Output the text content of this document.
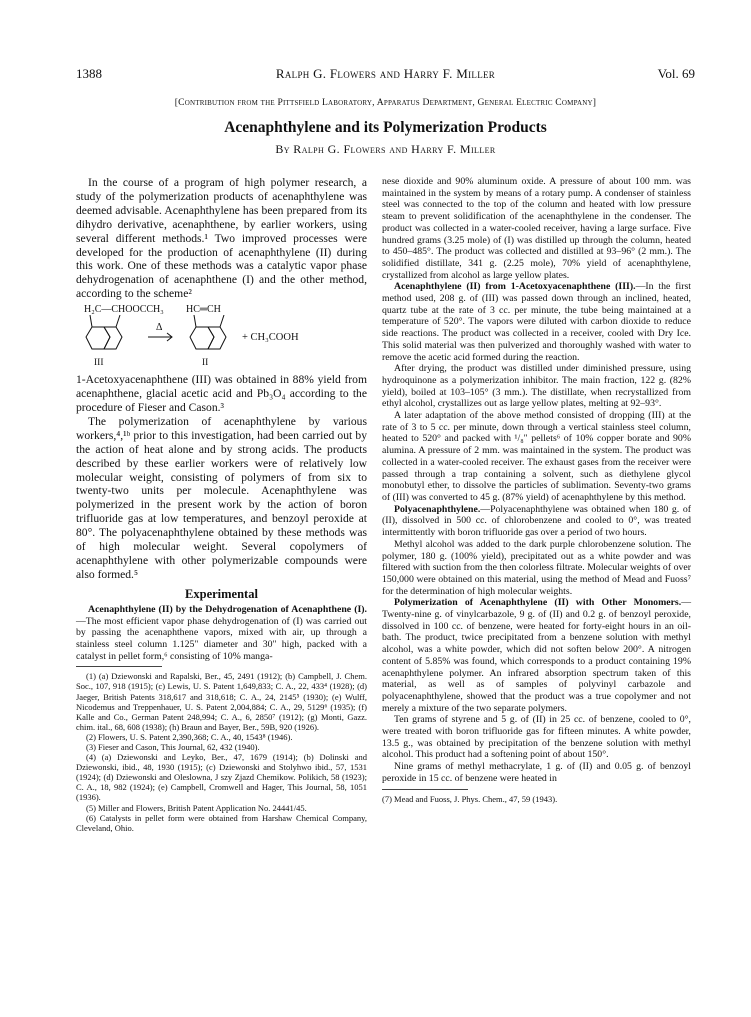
1388	Ralph G. Flowers and Harry F. Miller	Vol. 69
[Contribution from the Pittsfield Laboratory, Apparatus Department, General Electric Company]
Acenaphthylene and its Polymerization Products
By Ralph G. Flowers and Harry F. Miller

In the course of a program of high polymer research, a study of the polymerization products of acenaphthylene was deemed advisable. Acenaphthylene has been prepared from its dihydro derivative, acenaphthene, by earlier workers, using several different methods.¹ Two improved processes were developed for the production of acenaphthylene (II) during this work. One of these methods was a catalytic vapor phase dehydrogenation of acenaphthene (I) and the other method, according to the scheme²

H₂C—CHOOCCH₃ HC═CH
Δ
+ CH₃COOH
III	II

1-Acetoxyacenaphthene (III) was obtained in 88% yield from acenaphthene, glacial acetic acid and Pb₃O₄ according to the procedure of Fieser and Cason.³

The polymerization of acenaphthylene by various workers,⁴,¹ᵇ prior to this investigation, had been carried out by the action of heat alone and by strong acids. The products described by these earlier workers were of relatively low molecular weight, consisting of polymers of from six to twenty-two units per molecule. Acenaphthylene was polymerized in the present work by the action of boron trifluoride gas at low temperatures, and benzoyl peroxide at 80°. The polyacenaphthylene obtained by these methods was of high molecular weight. Several copolymers of acenaphthylene with other polymerizable compounds were also formed.⁵

Experimental

Acenaphthylene (II) by the Dehydrogenation of Acenaphthene (I).—The most efficient vapor phase dehydrogenation of (I) was carried out by passing the acenaphthene vapors, mixed with air, up through a stainless steel column 1.125" diameter and 30" high, packed with a catalyst in pellet form,⁶ consisting of 10% manga-

(1) (a) Dziewonski and Rapalski, Ber., 45, 2491 (1912); (b) Campbell, J. Chem. Soc., 107, 918 (1915); (c) Lewis, U. S. Patent 1,649,833; C. A., 22, 433⁴ (1928); (d) Jaeger, British Patents 318,617 and 318,618; C. A., 24, 2145⁵ (1930); (e) Wulff, Nicodemus and Treppenhauer, U. S. Patent 2,004,884; C. A., 29, 5129⁶ (1935); (f) Kalle and Co., German Patent 248,994; C. A., 6, 2850⁷ (1912); (g) Monti, Gazz. chim. ital., 68, 608 (1938); (h) Braun and Bayer, Ber., 59B, 920 (1926).

(2) Flowers, U. S. Patent 2,390,368; C. A., 40, 1543⁸ (1946).

(3) Fieser and Cason, This Journal, 62, 432 (1940).

(4) (a) Dziewonski and Leyko, Ber., 47, 1679 (1914); (b) Dolinski and Dziewonski, ibid., 48, 1930 (1915); (c) Dziewonski and Stolyhwo ibid., 57, 1531 (1924); (d) Dziewonski and Oleslowna, J szy Zjazd Chemikow. Polikich, 58 (1923); C. A., 18, 982 (1924); (e) Campbell, Cromwell and Hager, This Journal, 58, 1051 (1936).

(5) Miller and Flowers, British Patent Application No. 24441/45.

(6) Catalysts in pellet form were obtained from Harshaw Chemical Company, Cleveland, Ohio.

nese dioxide and 90% aluminum oxide. A pressure of about 100 mm. was maintained in the system by means of a rotary pump. A condenser of stainless steel was connected to the top of the column and heated with low pressure steam to prevent solidification of the acenaphthylene in the condenser. The product was collected in a water-cooled receiver, having a large surface. Five hundred grams (3.25 mole) of (I) was distilled up through the column, heated to 450–485°. The product was collected and distilled at 93–96° (2 mm.). The solidified distillate, 341 g. (2.25 mole), 70% yield of acenaphthylene, crystallized from alcohol as large yellow plates.

Acenaphthylene (II) from 1-Acetoxyacenaphthene (III).—In the first method used, 208 g. of (III) was passed down through an inclined, heated, quartz tube at the rate of 3 cc. per minute, the tube being maintained at a temperature of 520°. The vapors were diluted with carbon dioxide to reduce side reactions. The product was collected in a receiver, cooled with Dry Ice. This solid material was then pulverized and thoroughly washed with water to remove the acetic acid formed during the reaction.

After drying, the product was distilled under diminished pressure, using hydroquinone as a polymerization inhibitor. The main fraction, 122 g. (82% yield), boiled at 103–105° (3 mm.). The distillate, when recrystallized from ethyl alcohol, crystallizes out as large yellow plates, melting at 92–93°.

A later adaptation of the above method consisted of dropping (III) at the rate of 3 to 5 cc. per minute, down through a vertical stainless steel column, heated to 520° and packed with ¹/₈" pellets⁶ of 10% copper borate and 90% alumina. A pressure of 2 mm. was maintained in the system. The product was collected in a water-cooled receiver. The exhaust gases from the receiver were passed through a trap containing a solvent, such as diethylene glycol monobutyl ether, to dissolve the particles of sublimation. Seventy-two grams of (III) was converted to 45 g. (87% yield) of acenaphthylene by this method.

Polyacenaphthylene.—Polyacenaphthylene was obtained when 180 g. of (II), dissolved in 500 cc. of chlorobenzene and cooled to 0°, was treated intermittently with boron trifluoride gas over a period of two hours.

Methyl alcohol was added to the dark purple chlorobenzene solution. The polymer, 180 g. (100% yield), precipitated out as a white powder and was filtered with suction from the then colorless filtrate. Molecular weights of over 150,000 were obtained on this material, using the method of Mead and Fuoss⁷ for the determination of high molecular weights.

Polymerization of Acenaphthylene (II) with Other Monomers.—Twenty-nine g. of vinylcarbazole, 9 g. of (II) and 0.2 g. of benzoyl peroxide, dissolved in 100 cc. of benzene, were heated for forty-eight hours in an oil-bath. The product, twice precipitated from a benzene solution with methyl alcohol, was a white powder, which did not soften below 200°. A nitrogen content of 5.85% was found, which corresponds to a product containing 19% acenaphthylene polymer. An infrared absorption spectrum taken of this material, as well as of samples of polyvinyl carbazole and polyacenaphthylene, showed that the product was a true copolymer and not merely a mixture of the two separate polymers.

Ten grams of styrene and 5 g. of (II) in 25 cc. of benzene, cooled to 0°, were treated with boron trifluoride gas for fifteen minutes. A white powder, 13.5 g., was obtained by precipitation of the benzene solution with methyl alcohol. This product had a softening point of about 150°.

Nine grams of methyl methacrylate, 1 g. of (II) and 0.05 g. of benzoyl peroxide in 15 cc. of benzene were heated in

(7) Mead and Fuoss, J. Phys. Chem., 47, 59 (1943).
